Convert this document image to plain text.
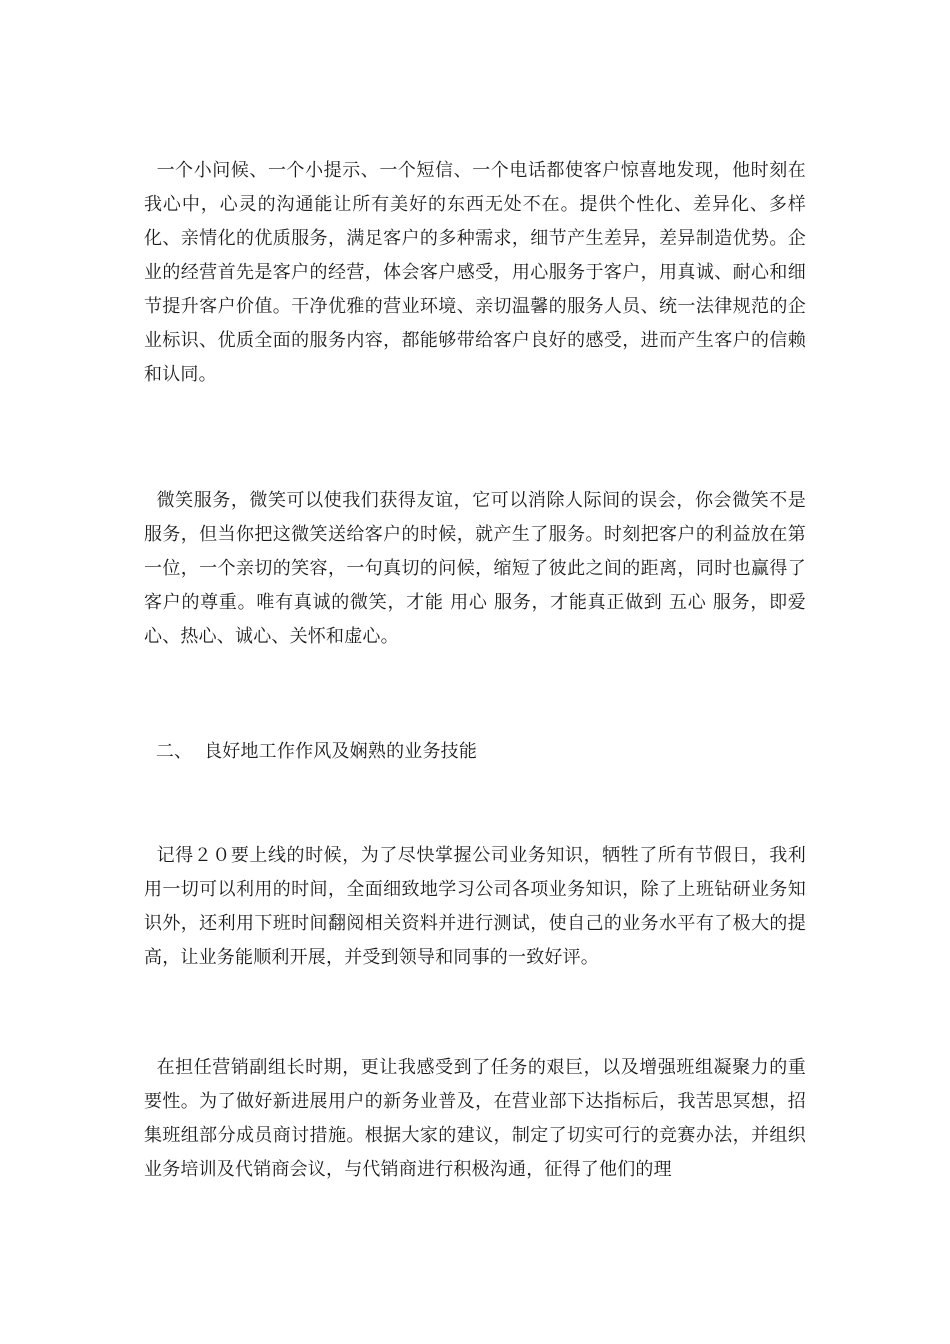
一个小问候、一个小提示、一个短信、一个电话都使客户惊喜地发现，他时刻在我心中，心灵的沟通能让所有美好的东西无处不在。提供个性化、差异化、多样化、亲情化的优质服务，满足客户的多种需求，细节产生差异，差异制造优势。企业的经营首先是客户的经营，体会客户感受，用心服务于客户，用真诚、耐心和细节提升客户价值。干净优雅的营业环境、亲切温馨的服务人员、统一法律规范的企业标识、优质全面的服务内容，都能够带给客户良好的感受，进而产生客户的信赖和认同。

微笑服务，微笑可以使我们获得友谊，它可以消除人际间的误会，你会微笑不是服务，但当你把这微笑送给客户的时候，就产生了服务。时刻把客户的利益放在第一位，一个亲切的笑容，一句真切的问候，缩短了彼此之间的距离，同时也赢得了客户的尊重。唯有真诚的微笑，才能 用心 服务，才能真正做到 五心 服务，即爱心、热心、诚心、关怀和虚心。

二、  良好地工作作风及娴熟的业务技能

记得２０要上线的时候，为了尽快掌握公司业务知识，牺牲了所有节假日，我利用一切可以利用的时间，全面细致地学习公司各项业务知识，除了上班钻研业务知识外，还利用下班时间翻阅相关资料并进行测试，使自己的业务水平有了极大的提高，让业务能顺利开展，并受到领导和同事的一致好评。

在担任营销副组长时期，更让我感受到了任务的艰巨，以及增强班组凝聚力的重要性。为了做好新进展用户的新务业普及，在营业部下达指标后，我苦思冥想，招集班组部分成员商讨措施。根据大家的建议，制定了切实可行的竞赛办法，并组织业务培训及代销商会议，与代销商进行积极沟通，征得了他们的理
